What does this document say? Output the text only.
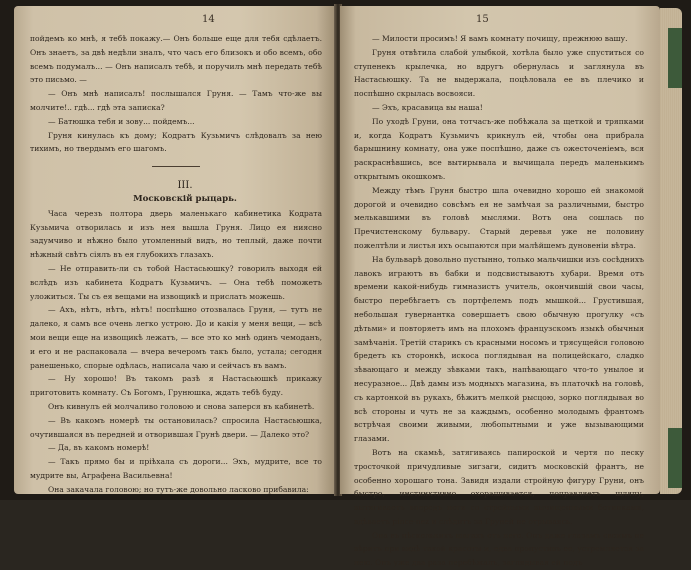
14

пойдемъ ко мнѣ, я тебѣ покажу.— Онъ больше еще для тебя сдѣлаетъ. Онъ знаетъ, за двѣ недѣли зналъ, что часъ его близокъ и обо всемъ, обо всемъ подумалъ... — Онъ написалъ тебѣ, и поручилъ мнѣ передать тебѣ это письмо. —

— Онъ мнѣ написалъ! послышался Груня. — Тамъ что-же вы молчите!.. гдѣ... гдѣ эта записка?

— Батюшка тебя и зову... пойдемъ...

Груня кинулась къ дому; Кодратъ Кузьмичъ слѣдовалъ за нею тихимъ, но твердымъ его шагомъ.

III.

Московскій рыцарь.

Часа черезъ полтора дверь маленькаго кабинетика Кодрата Кузьмича отворилась и изъ нея вышла Груня. Лицо ея ниясно задумчиво и нѣжно было утомленный видъ, но теплый, даже почти нѣжный свѣтъ сіялъ въ ея глубокихъ глазахъ.

— Не отправить-ли съ тобой Настасьюшку? говорилъ выходя ей вслѣдъ изъ кабинета Кодратъ Кузьмичъ. — Она тебѣ поможетъ уложиться. Ты съ ея вещами на извощикѣ и прислать можешь.

— Ахъ, нѣтъ, нѣтъ, нѣтъ! поспѣшно отозвалась Груня, — тутъ не далеко, я самъ все очень легко устрою. До и какія у меня вещи, — всѣ мои вещи еще на извощикѣ лежатъ, — все это ко мнѣ одинъ чемоданъ, и его и не распаковала — вчера вечеромъ такъ было, устала; сегодня ранешенько, спорые одѣлась, написала чаю и сейчасъ въ вамъ.

— Ну хорошо! Въ такомъ разѣ я Настасьюшкѣ прикажу приготовить комнату. Съ Богомъ, Грунюшка, ждать тебѣ буду.

Онъ кивнулъ ей молчаливо головою и снова заперся въ кабинетѣ.

— Въ какомъ номерѣ ты остановилась? спросила Настасьюшка, очутившаяся въ передней и отворившая Грунѣ двери. — Далеко это?

— Да, въ какомъ номерѣ!

— Такъ прямо бы и пріѣхала съ дороги... Эхъ, мудрите, все то мудрите вы, Аграфена Васильевна!

Она закачала головою; но тутъ-же довольно ласково прибавила:

15

— Милости просимъ! Я вамъ комнату почищу, прежнюю вашу.

Груня отвѣтила слабой улыбкой, хотѣла было уже спуститься со ступенекъ крылечка, но вдругъ обернулась и заглянула въ Настасьюшку. Та не выдержала, поцѣловала ее въ плечико и поспѣшно скрылась восвояси.

— Эхъ, красавица вы наша!

По уходѣ Груни, она тотчасъ-же побѣжала за щеткой и тряпками и, когда Кодратъ Кузьмичъ крикнулъ ей, чтобы она прибрала барышнину комнату, она уже поспѣшно, даже съ ожесточеніемъ, вся раскраснѣвшись, все вытирывала и вычищала передъ маленькимъ открытымъ окошкомъ.

Между тѣмъ Груня быстро шла очевидно хорошо ей знакомой дорогой и очевидно совсѣмъ ея не замѣчая за различными, быстро мелькавшими въ головѣ мыслями. Вотъ она сошлась по Пречистенскому бульвару. Старый деревья уже не половину пожелтѣли и листья ихъ осыпаются при малѣйшемъ дуновеніи вѣтра.

На бульварѣ довольно пустынно, только мальчишки изъ сосѣднихъ лавокъ играютъ въ бабки и подсвистываютъ хубари. Время отъ времени какой-нибудь гимназистъ учитель, окончившій свои часы, быстро перебѣгаетъ съ портфелемъ подъ мышкой... Грустившая, небольшая гувернантка совершаетъ свою обычную прогулку «съ дѣтьми» и повторяетъ имъ на плохомъ французскомъ языкѣ обычныя замѣчанія. Третій старикъ съ красными носомъ и трясущейся головою бредетъ къ сторонкѣ, искоса поглядывая на полицейскаго, сладко зѣвающаго и между зѣвками такъ, напѣвающаго что-то унылое и несуразное... Двѣ дамы изъ модныхъ магазина, въ платочкѣ на головѣ, съ картонкой въ рукахъ, бѣжитъ мелкой рысцою, зорко поглядывая во всѣ стороны и чуть не за каждымъ, особенно молодымъ франтомъ встрѣчая своими живыми, любопытными и уже вызывающими глазами.

Вотъ на скамьѣ, затягиваясь папироской и чертя по песку тросточкой причудливые зигзаги, сидитъ московскій франтъ, не особенно хорошаго тона. Завидя издали стройную фигуру Груни, онъ быстро, инстинктивно охорашивается, поправляетъ шляпу, вытягиваетъ впередъ ноги со стройными вычищенными ботинками, вдѣваетъ pince-nez и слѣдитъ за Груней не отрываясь.

Она въ нѣсколькихъ шагахъ отъ него. Онъ даже глазамъ своимъ не вѣритъ при видѣ такой красоты и, едва пропустивъ ее, устремляется за нею. Онъ уже два раза перебѣжалъ, заглядывая ей подъ
